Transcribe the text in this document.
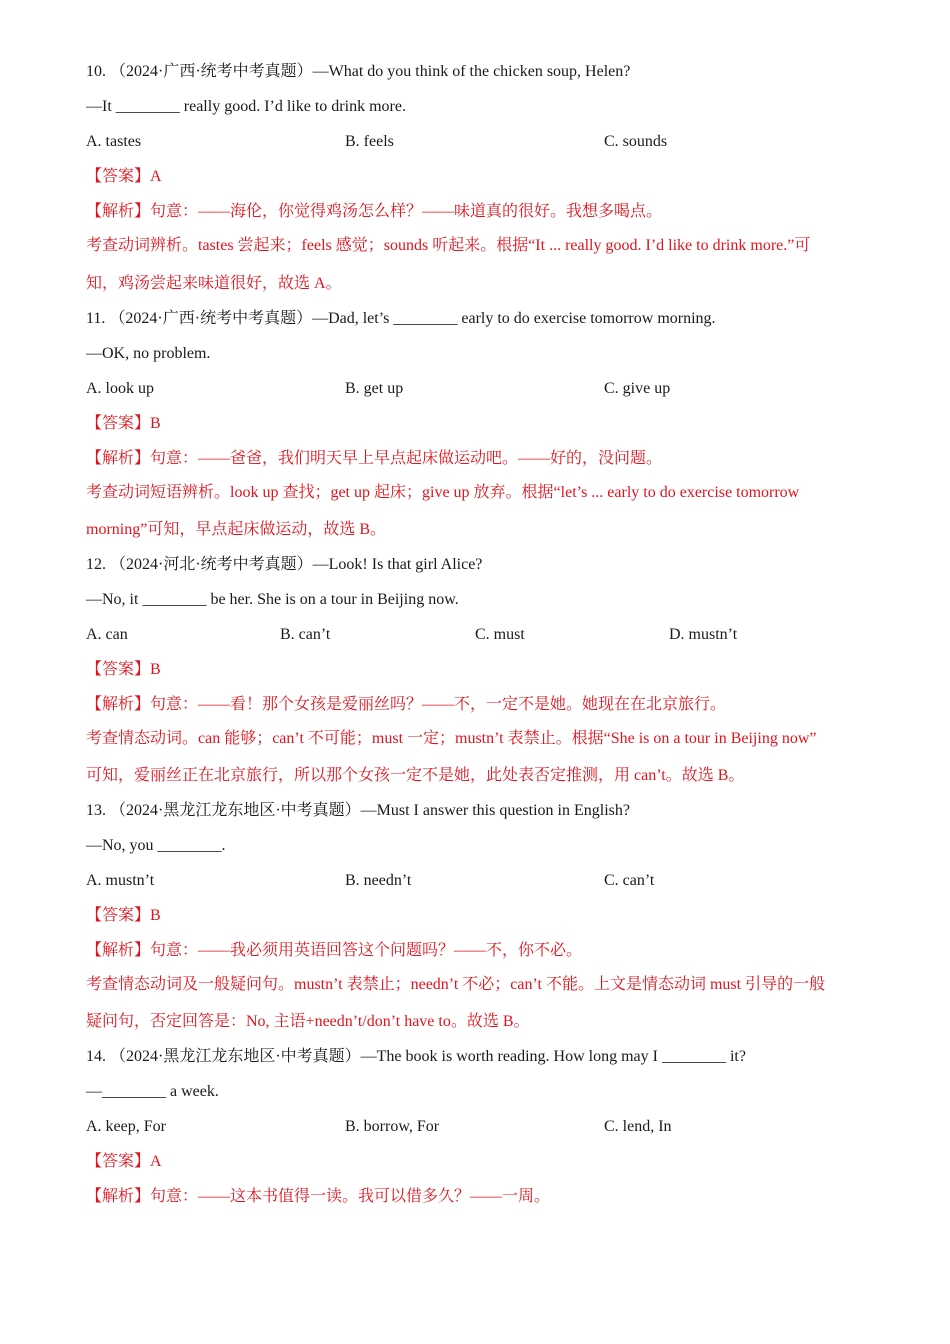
10. （2024·广西·统考中考真题）—What do you think of the chicken soup, Helen?
—It ________ really good. I’d like to drink more.
A. tastes	B. feels	C. sounds
【答案】A
【解析】句意：——海伦，你觉得鸡汤怎么样？——味道真的很好。我想多喝点。
考查动词辨析。tastes 尝起来；feels 感觉；sounds 听起来。根据“It ... really good. I’d like to drink more.”可
知，鸡汤尝起来味道很好，故选 A。
11. （2024·广西·统考中考真题）—Dad, let’s ________ early to do exercise tomorrow morning.
—OK, no problem.
A. look up	B. get up	C. give up
【答案】B
【解析】句意：——爸爸，我们明天早上早点起床做运动吧。——好的，没问题。
考查动词短语辨析。look up 查找；get up 起床；give up 放弃。根据“let’s ... early to do exercise tomorrow
morning”可知，早点起床做运动，故选 B。
12. （2024·河北·统考中考真题）—Look! Is that girl Alice?
—No, it ________ be her. She is on a tour in Beijing now.
A. can	B. can’t	C. must	D. mustn’t
【答案】B
【解析】句意：——看！那个女孩是爱丽丝吗？——不，一定不是她。她现在在北京旅行。
考查情态动词。can 能够；can’t 不可能；must 一定；mustn’t 表禁止。根据“She is on a tour in Beijing now”
可知，爱丽丝正在北京旅行，所以那个女孩一定不是她，此处表否定推测，用 can’t。故选 B。
13. （2024·黑龙江龙东地区·中考真题）—Must I answer this question in English?
—No, you ________.
A. mustn’t	B. needn’t	C. can’t
【答案】B
【解析】句意：——我必须用英语回答这个问题吗？——不，你不必。
考查情态动词及一般疑问句。mustn’t 表禁止；needn’t 不必；can’t 不能。上文是情态动词 must 引导的一般
疑问句，否定回答是：No, 主语+needn’t/don’t have to。故选 B。
14. （2024·黑龙江龙东地区·中考真题）—The book is worth reading. How long may I ________ it?
—________ a week.
A. keep, For	B. borrow, For	C. lend, In
【答案】A
【解析】句意：——这本书值得一读。我可以借多久？——一周。
